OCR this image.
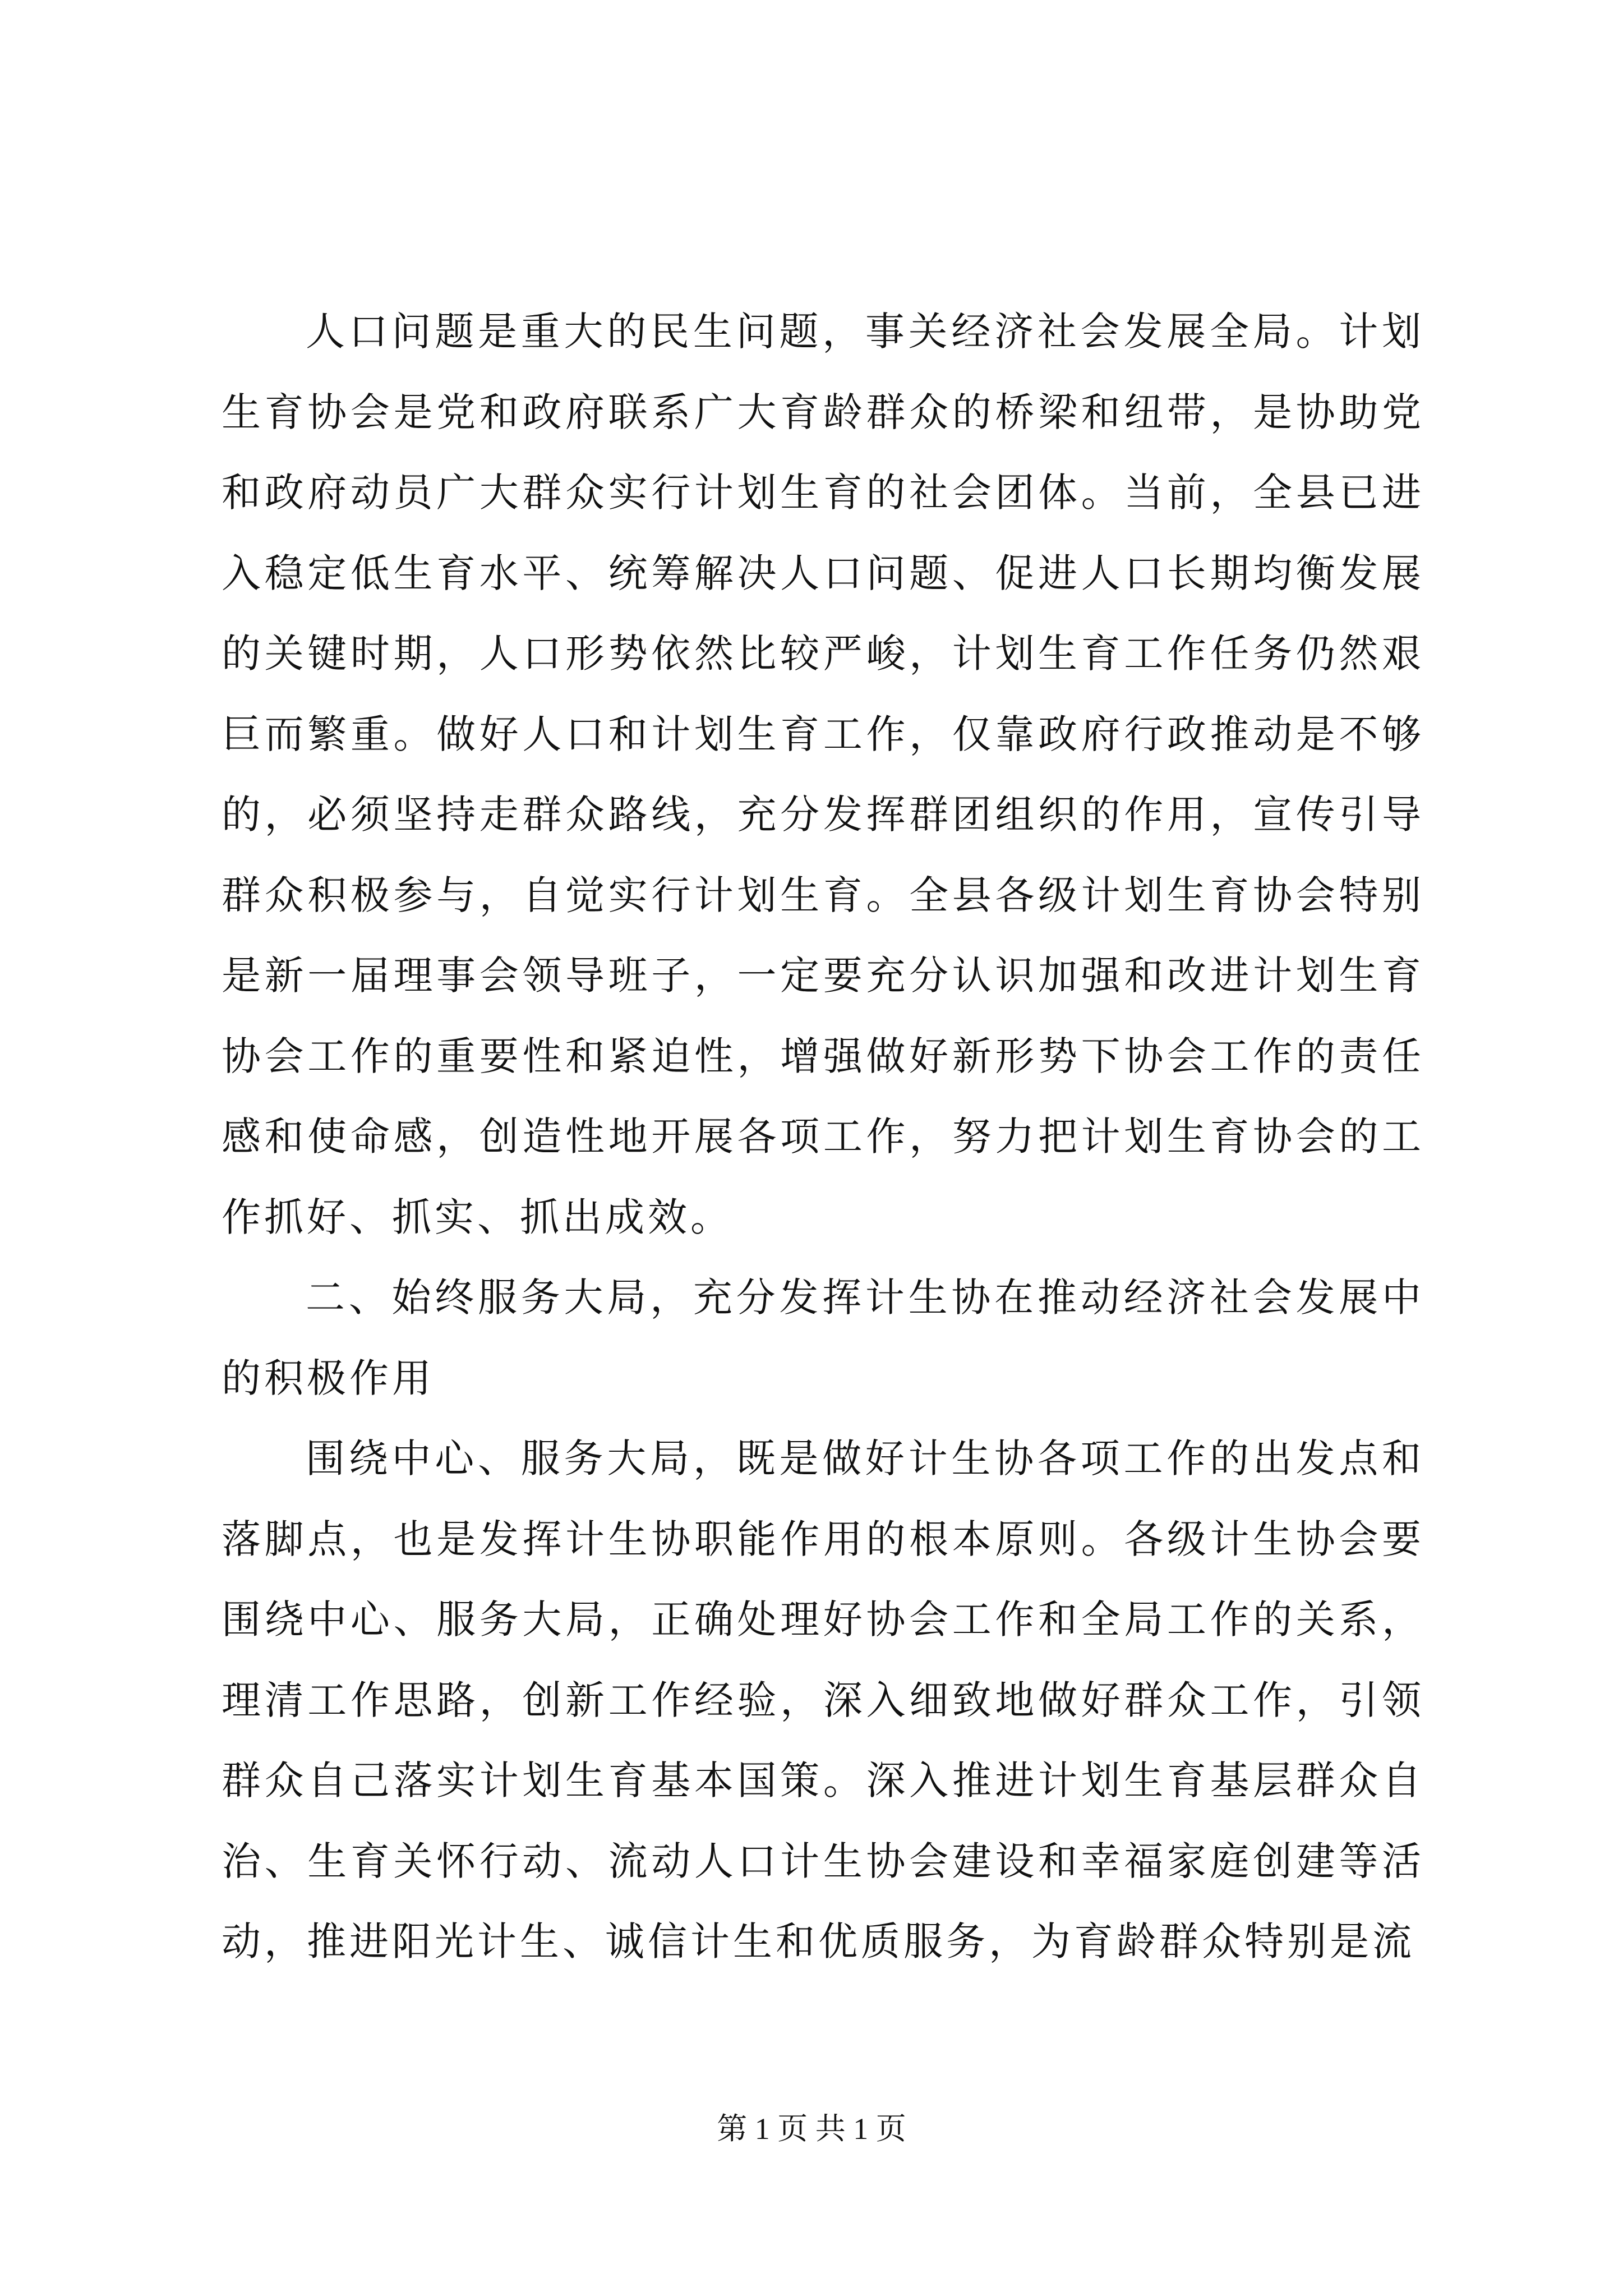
人口问题是重大的民生问题，事关经济社会发展全局。计划生育协会是党和政府联系广大育龄群众的桥梁和纽带，是协助党和政府动员广大群众实行计划生育的社会团体。当前，全县已进入稳定低生育水平、统筹解决人口问题、促进人口长期均衡发展的关键时期，人口形势依然比较严峻，计划生育工作任务仍然艰巨而繁重。做好人口和计划生育工作，仅靠政府行政推动是不够的，必须坚持走群众路线，充分发挥群团组织的作用，宣传引导群众积极参与，自觉实行计划生育。全县各级计划生育协会特别是新一届理事会领导班子，一定要充分认识加强和改进计划生育协会工作的重要性和紧迫性，增强做好新形势下协会工作的责任感和使命感，创造性地开展各项工作，努力把计划生育协会的工作抓好、抓实、抓出成效。

二、始终服务大局，充分发挥计生协在推动经济社会发展中的积极作用

围绕中心、服务大局，既是做好计生协各项工作的出发点和落脚点，也是发挥计生协职能作用的根本原则。各级计生协会要围绕中心、服务大局，正确处理好协会工作和全局工作的关系，理清工作思路，创新工作经验，深入细致地做好群众工作，引领群众自己落实计划生育基本国策。深入推进计划生育基层群众自治、生育关怀行动、流动人口计生协会建设和幸福家庭创建等活动，推进阳光计生、诚信计生和优质服务，为育龄群众特别是流

第 1 页 共 1 页
